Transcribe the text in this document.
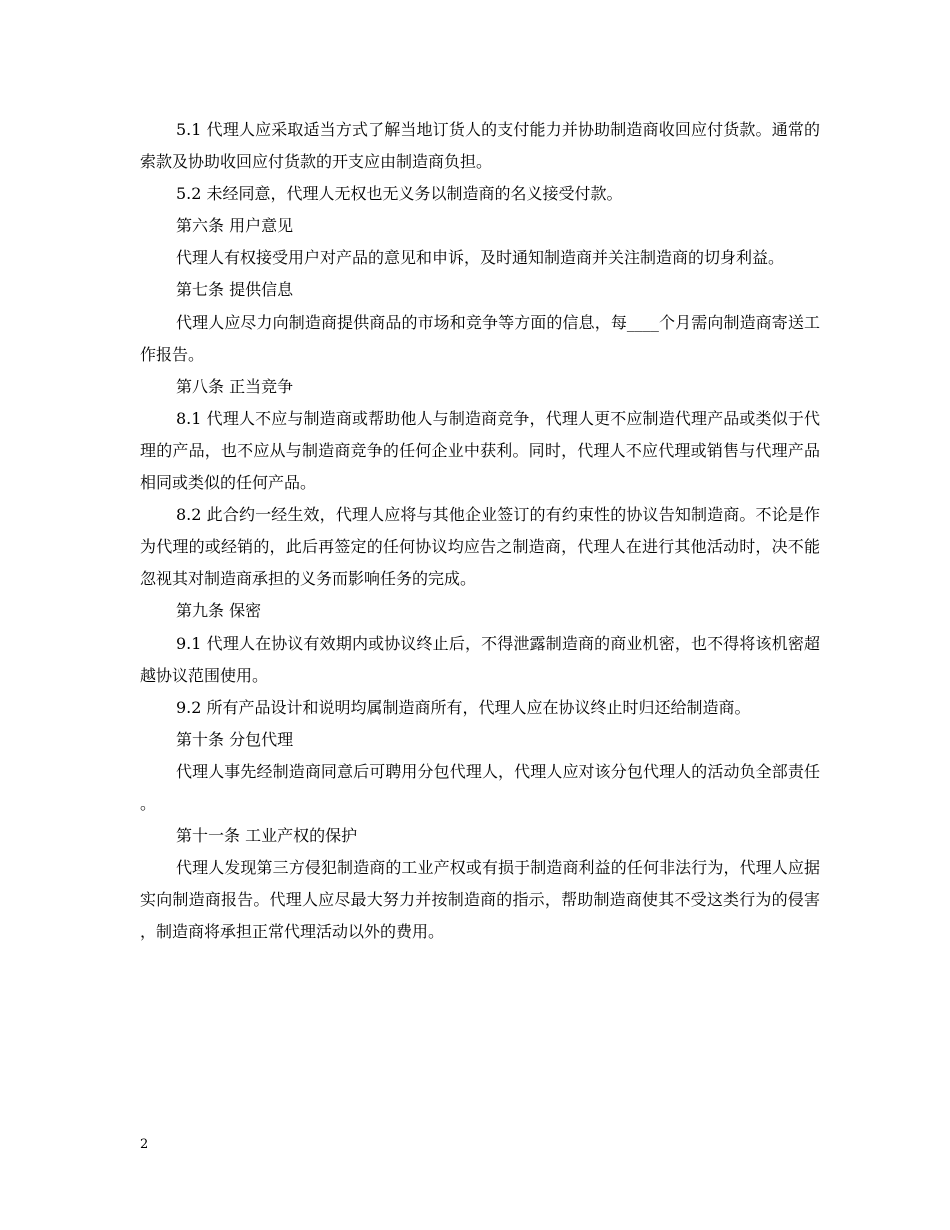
5.1 代理人应采取适当方式了解当地订货人的支付能力并协助制造商收回应付货款。通常的索款及协助收回应付货款的开支应由制造商负担。

5.2 未经同意，代理人无权也无义务以制造商的名义接受付款。

第六条 用户意见

代理人有权接受用户对产品的意见和申诉，及时通知制造商并关注制造商的切身利益。

第七条 提供信息

代理人应尽力向制造商提供商品的市场和竞争等方面的信息，每____个月需向制造商寄送工作报告。

第八条 正当竞争

8.1 代理人不应与制造商或帮助他人与制造商竞争，代理人更不应制造代理产品或类似于代理的产品，也不应从与制造商竞争的任何企业中获利。同时，代理人不应代理或销售与代理产品相同或类似的任何产品。

8.2 此合约一经生效，代理人应将与其他企业签订的有约束性的协议告知制造商。不论是作为代理的或经销的，此后再签定的任何协议均应告之制造商，代理人在进行其他活动时，决不能忽视其对制造商承担的义务而影响任务的完成。

第九条 保密

9.1 代理人在协议有效期内或协议终止后，不得泄露制造商的商业机密，也不得将该机密超越协议范围使用。

9.2 所有产品设计和说明均属制造商所有，代理人应在协议终止时归还给制造商。

第十条 分包代理

代理人事先经制造商同意后可聘用分包代理人，代理人应对该分包代理人的活动负全部责任。

第十一条 工业产权的保护

代理人发现第三方侵犯制造商的工业产权或有损于制造商利益的任何非法行为，代理人应据实向制造商报告。代理人应尽最大努力并按制造商的指示，帮助制造商使其不受这类行为的侵害，制造商将承担正常代理活动以外的费用。

2
